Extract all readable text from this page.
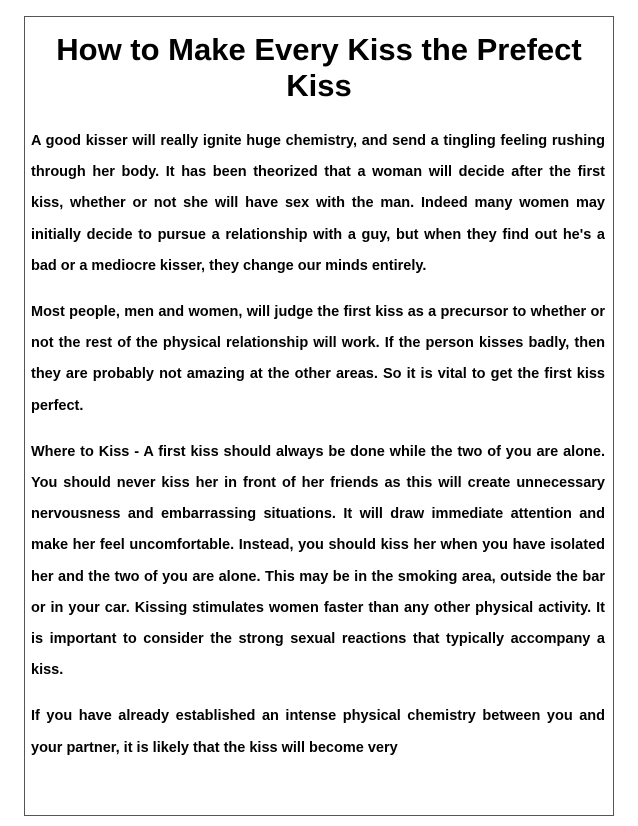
How to Make Every Kiss the Prefect Kiss

A good kisser will really ignite huge chemistry, and send a tingling feeling rushing through her body. It has been theorized that a woman will decide after the first kiss, whether or not she will have sex with the man. Indeed many women may initially decide to pursue a relationship with a guy, but when they find out he's a bad or a mediocre kisser, they change our minds entirely.

Most people, men and women, will judge the first kiss as a precursor to whether or not the rest of the physical relationship will work. If the person kisses badly, then they are probably not amazing at the other areas. So it is vital to get the first kiss perfect.

Where to Kiss - A first kiss should always be done while the two of you are alone. You should never kiss her in front of her friends as this will create unnecessary nervousness and embarrassing situations. It will draw immediate attention and make her feel uncomfortable. Instead, you should kiss her when you have isolated her and the two of you are alone. This may be in the smoking area, outside the bar or in your car. Kissing stimulates women faster than any other physical activity. It is important to consider the strong sexual reactions that typically accompany a kiss.

If you have already established an intense physical chemistry between you and your partner, it is likely that the kiss will become very
